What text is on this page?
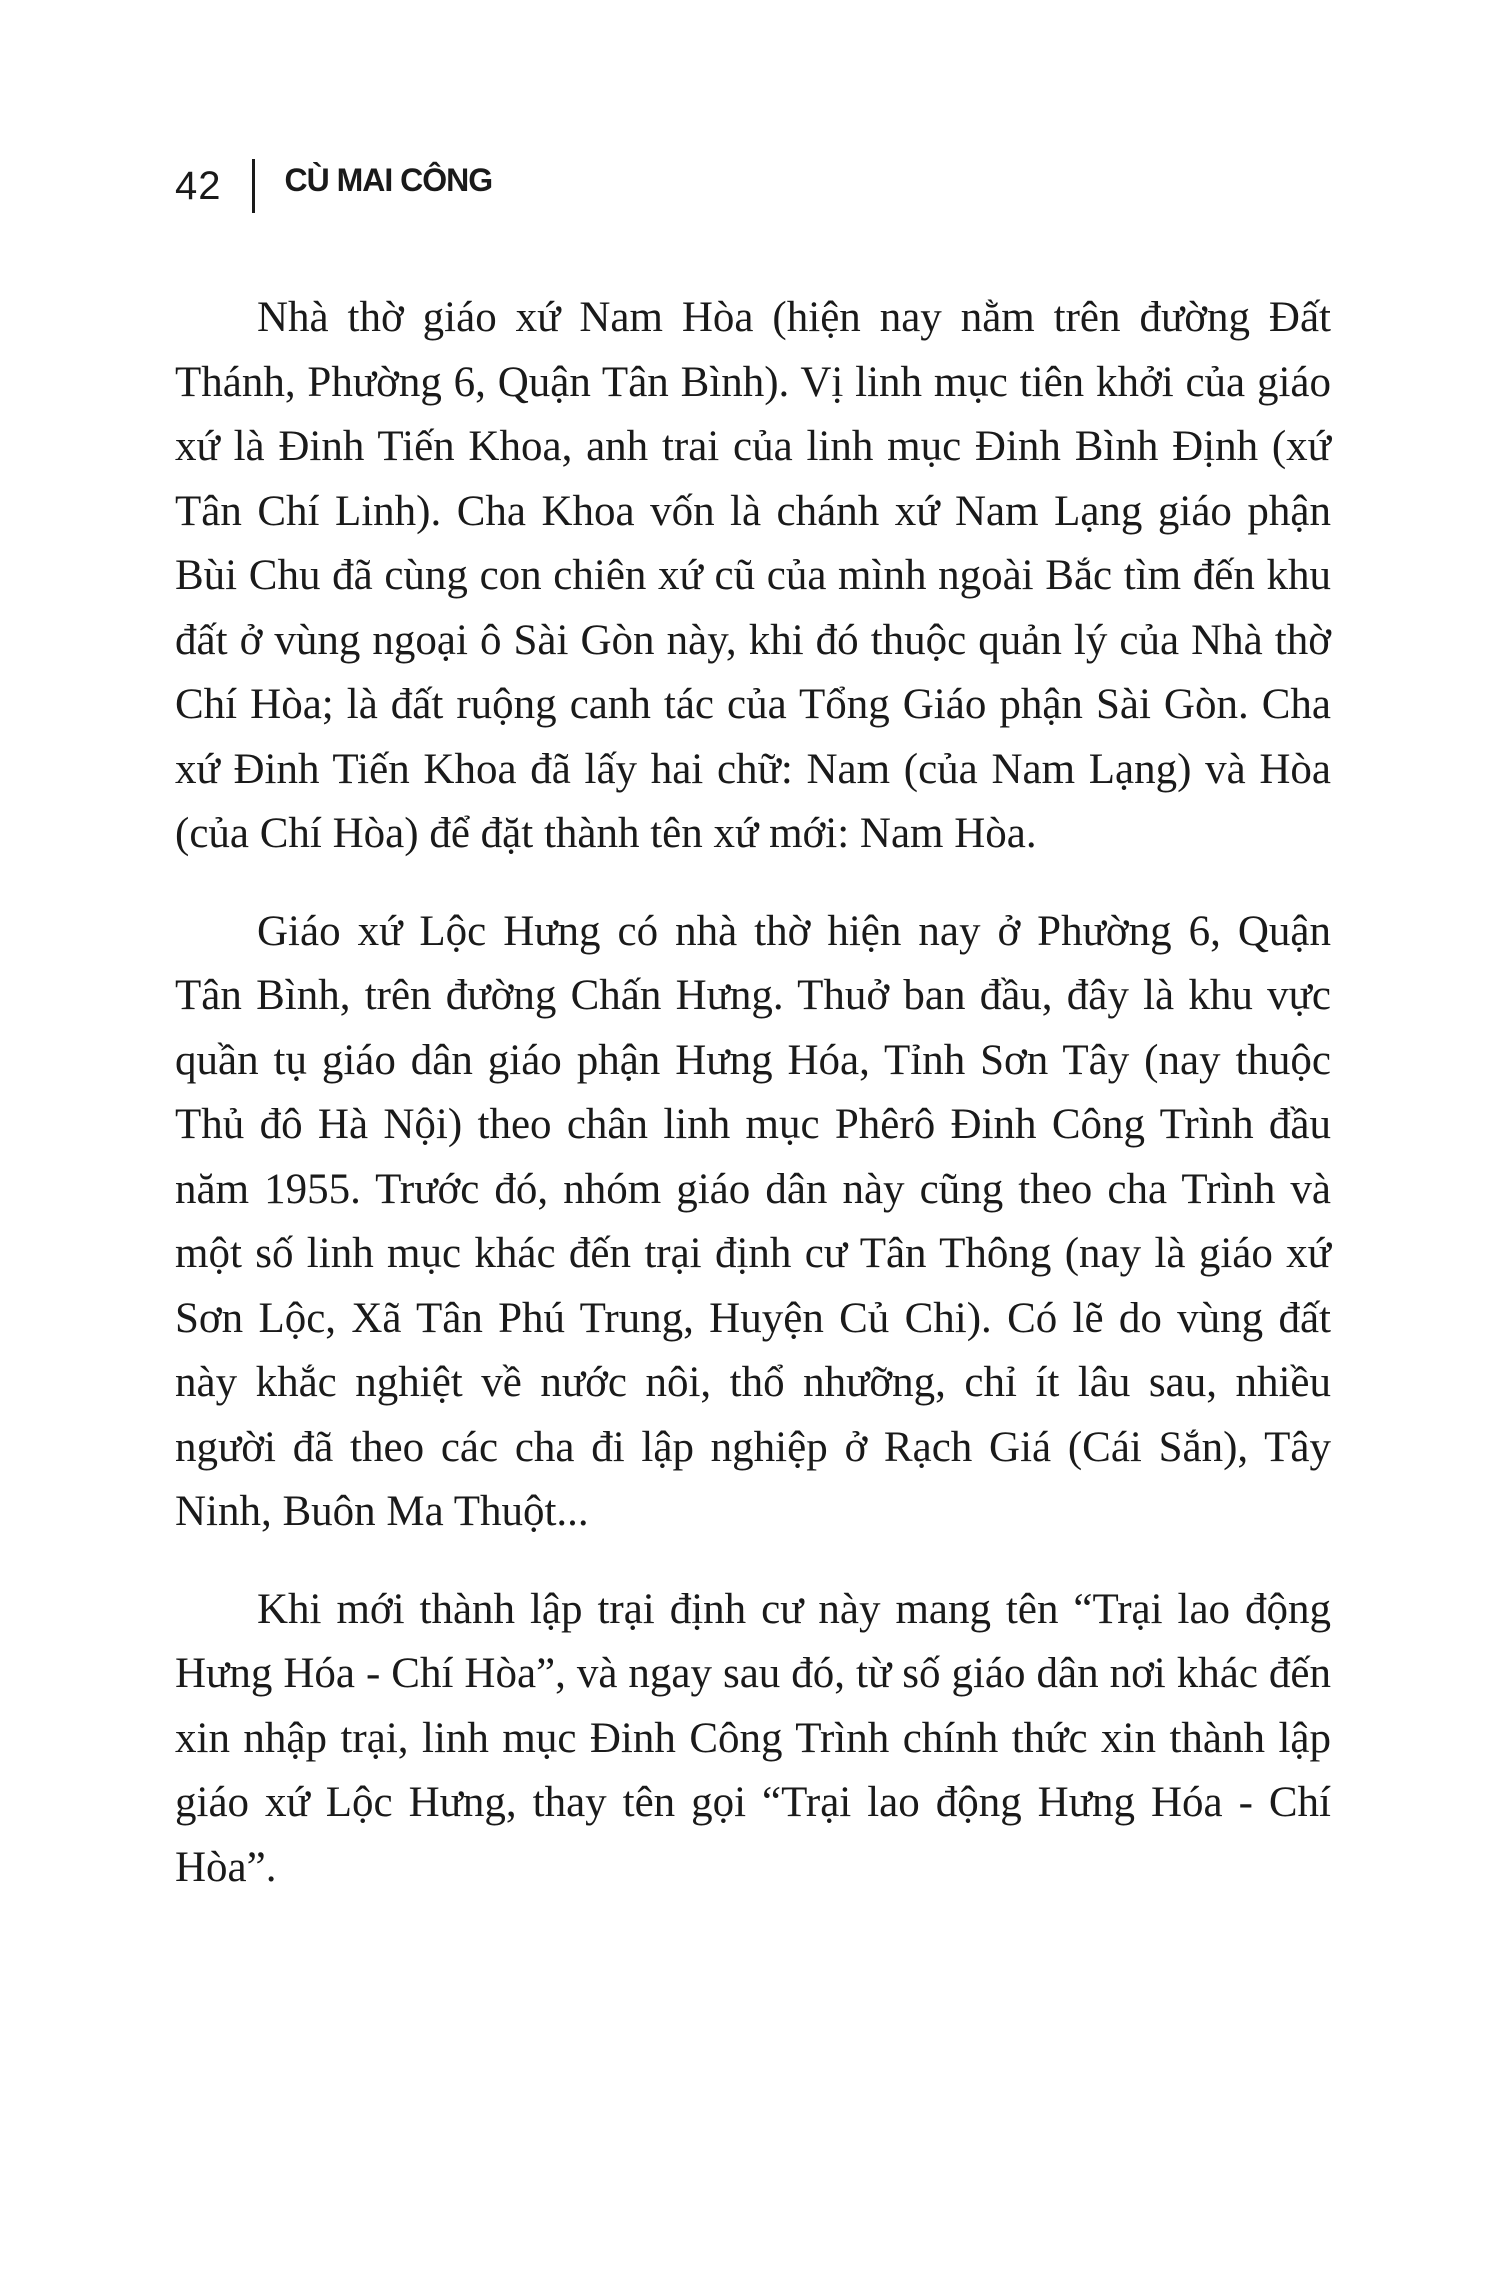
42 CÙ MAI CÔNG

Nhà thờ giáo xứ Nam Hòa (hiện nay nằm trên đường Đất Thánh, Phường 6, Quận Tân Bình). Vị linh mục tiên khởi của giáo xứ là Đinh Tiến Khoa, anh trai của linh mục Đinh Bình Định (xứ Tân Chí Linh). Cha Khoa vốn là chánh xứ Nam Lạng giáo phận Bùi Chu đã cùng con chiên xứ cũ của mình ngoài Bắc tìm đến khu đất ở vùng ngoại ô Sài Gòn này, khi đó thuộc quản lý của Nhà thờ Chí Hòa; là đất ruộng canh tác của Tổng Giáo phận Sài Gòn. Cha xứ Đinh Tiến Khoa đã lấy hai chữ: Nam (của Nam Lạng) và Hòa (của Chí Hòa) để đặt thành tên xứ mới: Nam Hòa.

Giáo xứ Lộc Hưng có nhà thờ hiện nay ở Phường 6, Quận Tân Bình, trên đường Chấn Hưng. Thuở ban đầu, đây là khu vực quần tụ giáo dân giáo phận Hưng Hóa, Tỉnh Sơn Tây (nay thuộc Thủ đô Hà Nội) theo chân linh mục Phêrô Đinh Công Trình đầu năm 1955. Trước đó, nhóm giáo dân này cũng theo cha Trình và một số linh mục khác đến trại định cư Tân Thông (nay là giáo xứ Sơn Lộc, Xã Tân Phú Trung, Huyện Củ Chi). Có lẽ do vùng đất này khắc nghiệt về nước nôi, thổ nhưỡng, chỉ ít lâu sau, nhiều người đã theo các cha đi lập nghiệp ở Rạch Giá (Cái Sắn), Tây Ninh, Buôn Ma Thuột...

Khi mới thành lập trại định cư này mang tên “Trại lao động Hưng Hóa - Chí Hòa”, và ngay sau đó, từ số giáo dân nơi khác đến xin nhập trại, linh mục Đinh Công Trình chính thức xin thành lập giáo xứ Lộc Hưng, thay tên gọi “Trại lao động Hưng Hóa - Chí Hòa”.
